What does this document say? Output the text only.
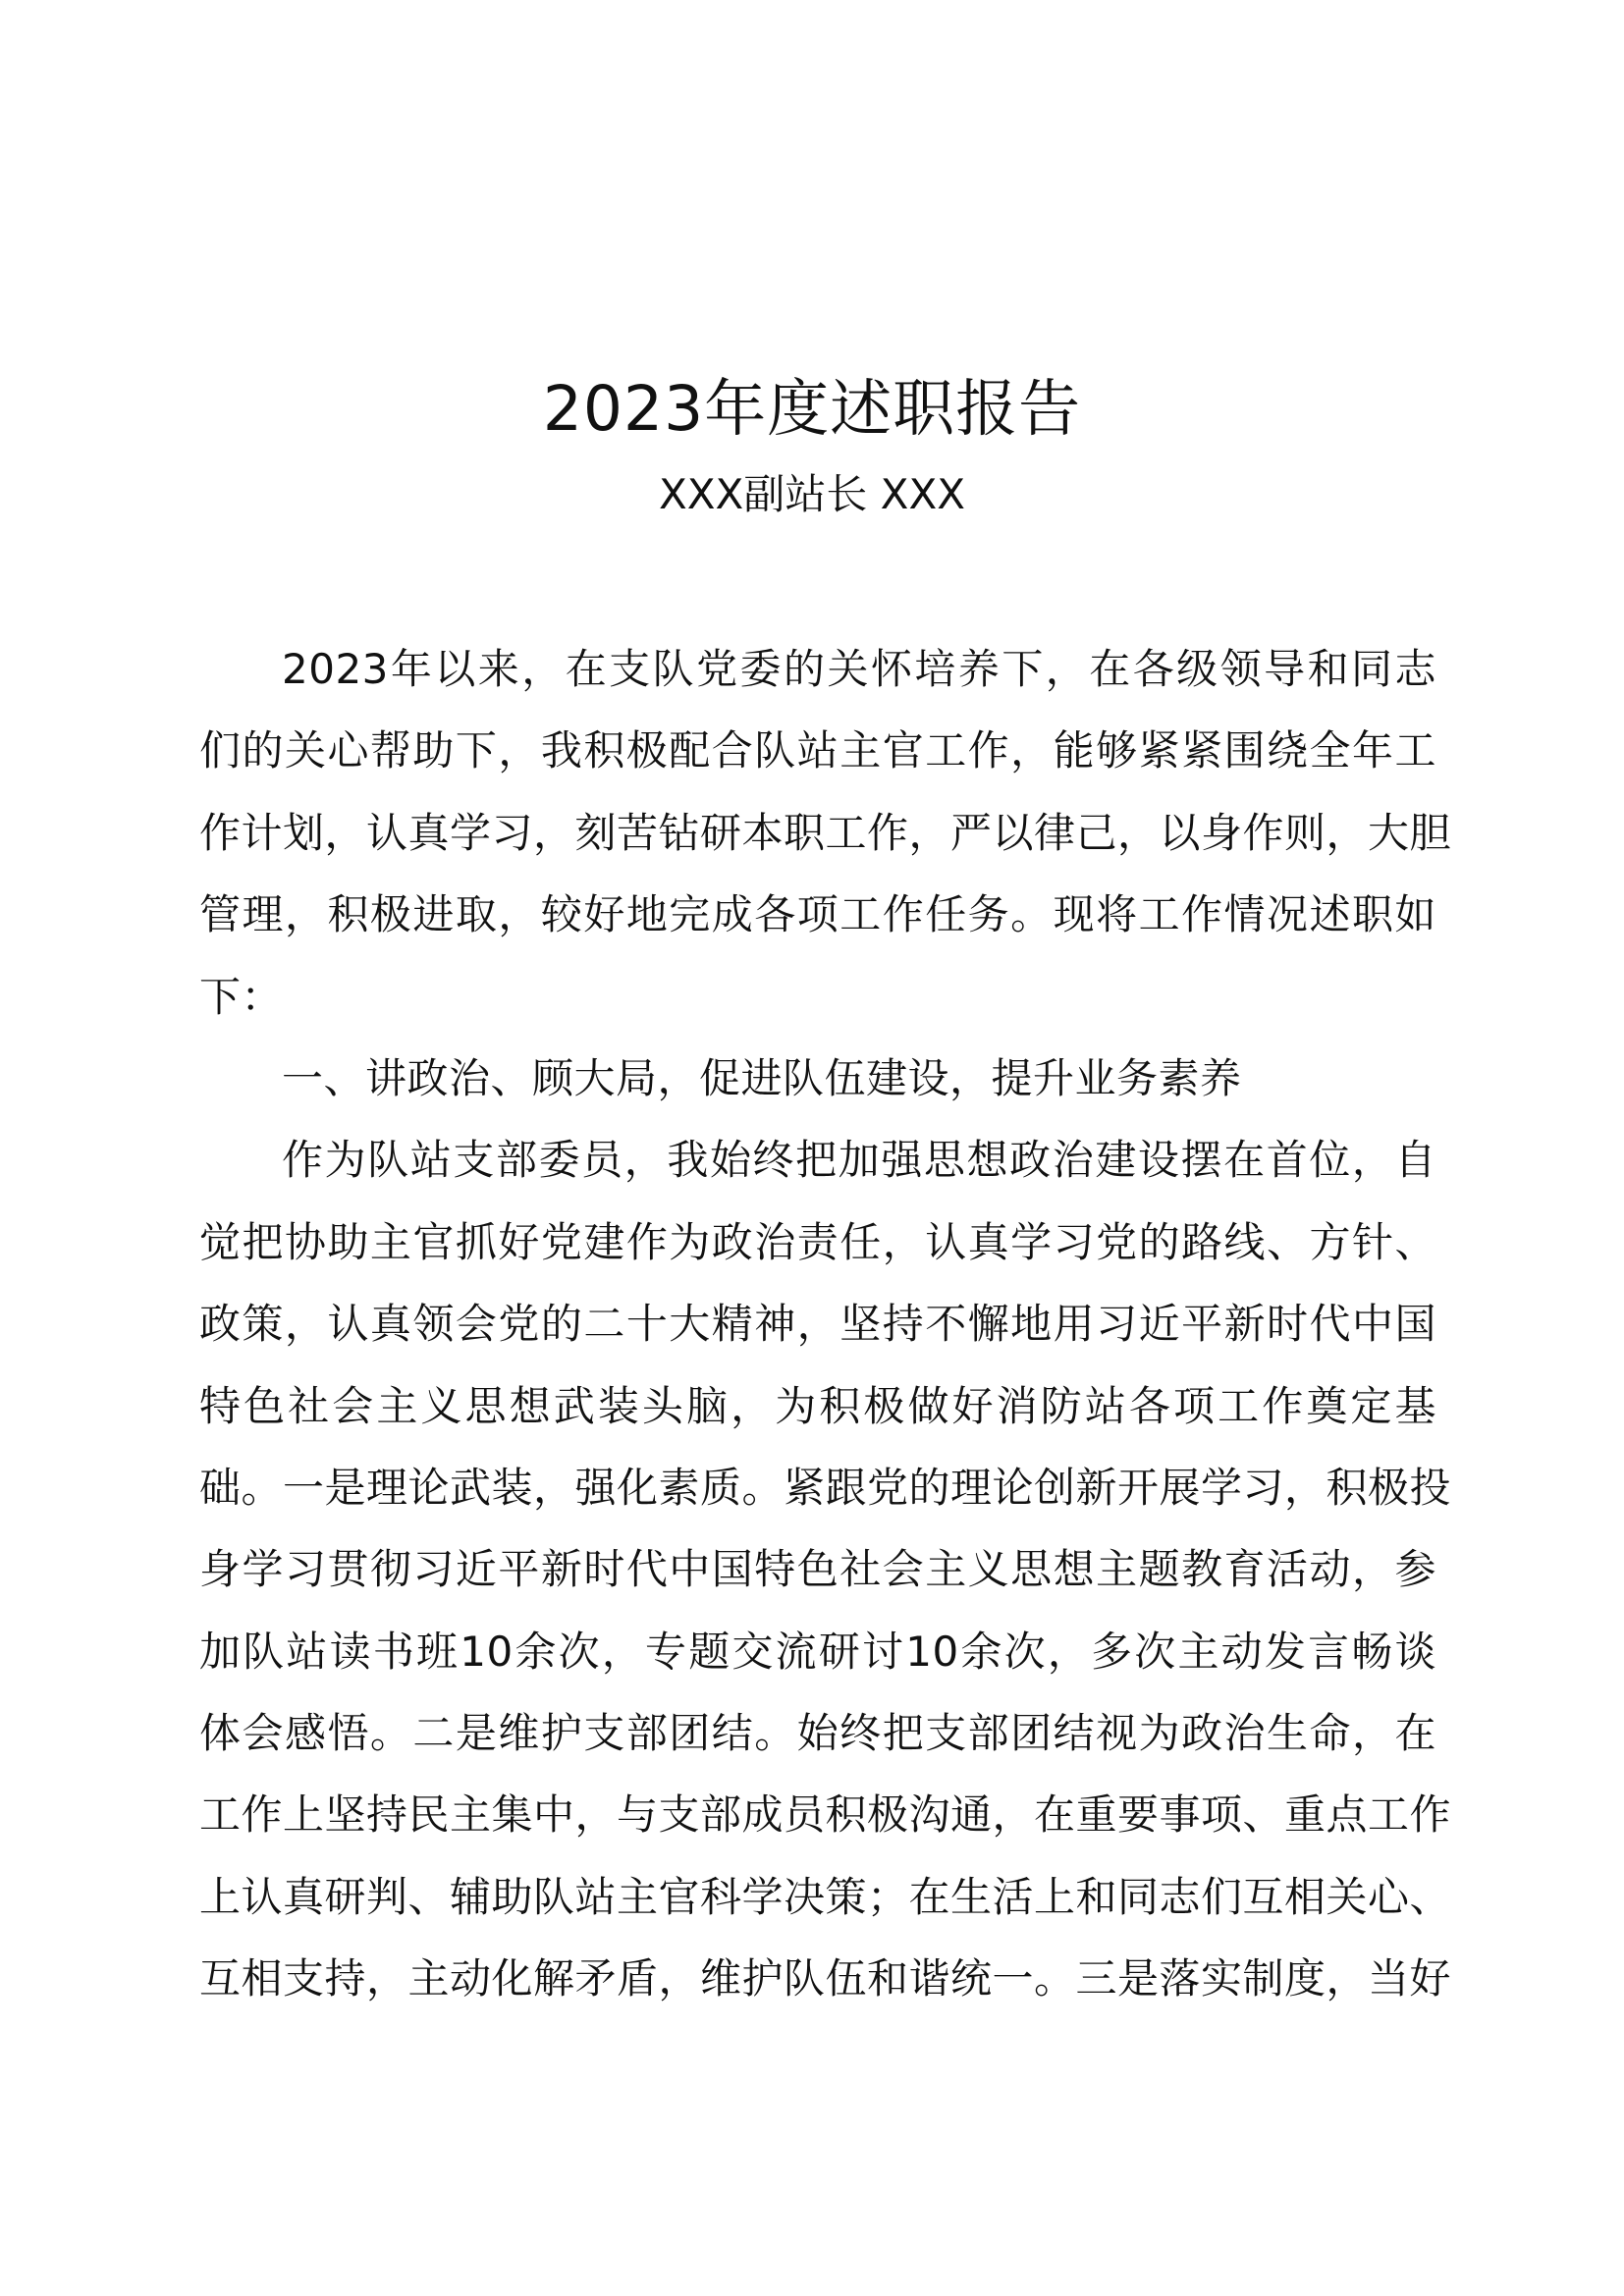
2023年度述职报告
XXX副站长 XXX
2023年以来，在支队党委的关怀培养下，在各级领导和同志
们的关心帮助下，我积极配合队站主官工作，能够紧紧围绕全年工
作计划，认真学习，刻苦钻研本职工作，严以律己，以身作则，大胆
管理，积极进取，较好地完成各项工作任务。现将工作情况述职如
下：
一、讲政治、顾大局，促进队伍建设，提升业务素养
作为队站支部委员，我始终把加强思想政治建设摆在首位，自
觉把协助主官抓好党建作为政治责任，认真学习党的路线、方针、
政策，认真领会党的二十大精神，坚持不懈地用习近平新时代中国
特色社会主义思想武装头脑，为积极做好消防站各项工作奠定基
础。一是理论武装，强化素质。紧跟党的理论创新开展学习，积极投
身学习贯彻习近平新时代中国特色社会主义思想主题教育活动，参
加队站读书班10余次，专题交流研讨10余次，多次主动发言畅谈
体会感悟。二是维护支部团结。始终把支部团结视为政治生命，在
工作上坚持民主集中，与支部成员积极沟通，在重要事项、重点工作
上认真研判、辅助队站主官科学决策；在生活上和同志们互相关心、
互相支持，主动化解矛盾，维护队伍和谐统一。三是落实制度，当好
